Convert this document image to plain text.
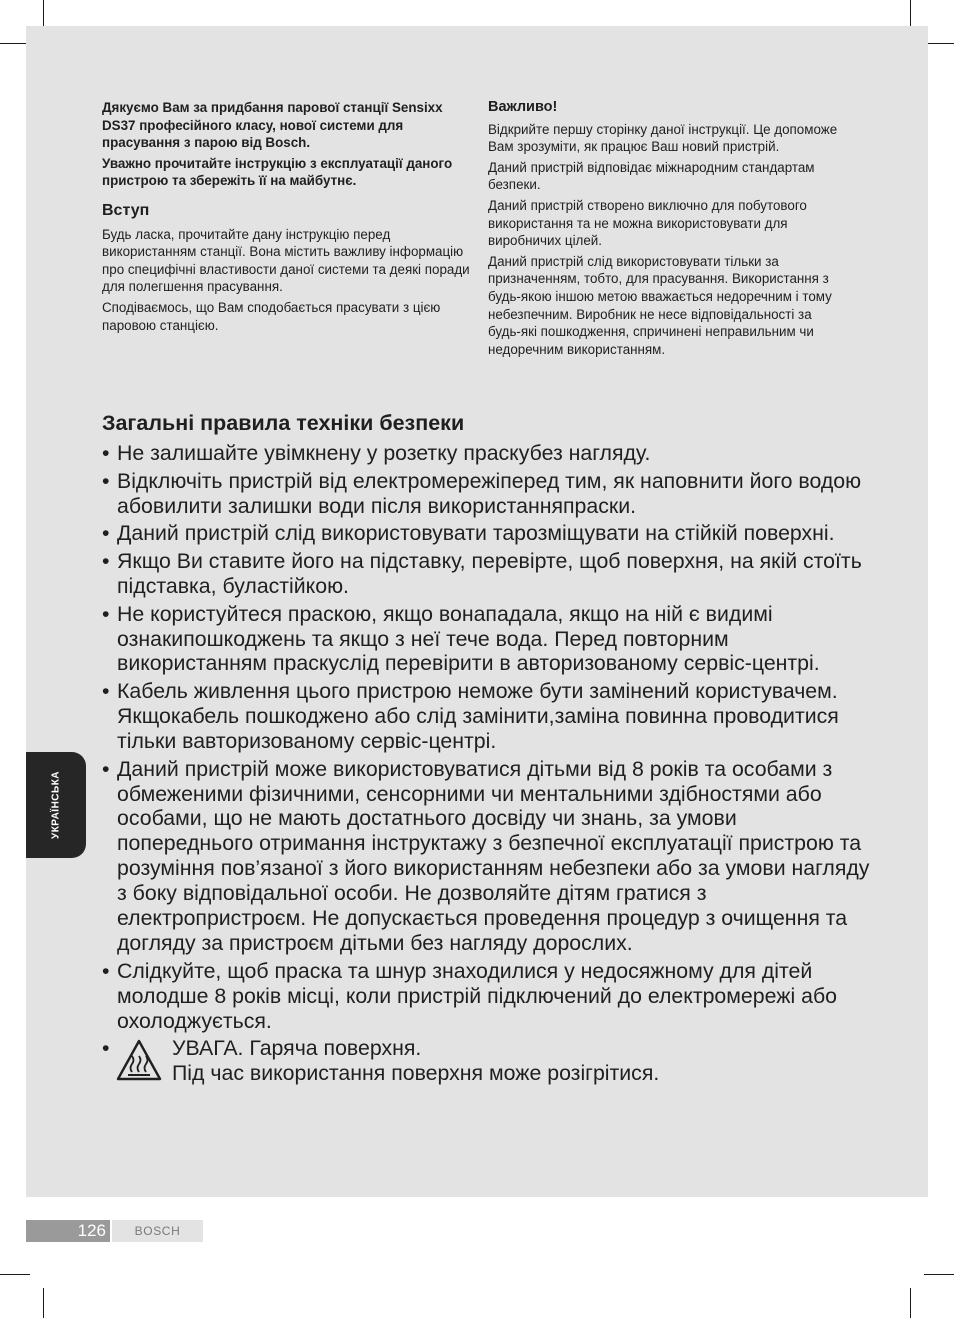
Дякуємо Вам за придбання парової станції Sensixx DS37 професійного класу, нової системи для прасування з парою від Bosch.

Уважно прочитайте інструкцію з експлуатації даного пристрою та збережіть її на майбутнє.

Вступ

Будь ласка, прочитайте дану інструкцію перед використанням станції. Вона містить важливу інформацію про специфічні властивости даної системи та деякі поради для полегшення прасування.

Сподіваємось, що Вам сподобається прасувати з цією паровою станцією.

Важливо!

Відкрийте першу сторінку даної інструкції. Це допоможе Вам зрозуміти, як працює Ваш новий пристрій.

Даний пристрій відповідає міжнародним стандартам безпеки.

Даний пристрій створено виключно для побутового використання та не можна використовувати для виробничих цілей.

Даний пристрій слід використовувати тільки за призначенням, тобто, для прасування. Використання з будь-якою іншою метою вважається недоречним і тому небезпечним. Виробник не несе відповідальності за будь-які пошкодження, спричинені неправильним чи недоречним використанням.

Загальні правила техніки безпеки
• Не залишайте увімкнену у розетку праскубез нагляду.
• Відключіть пристрій від електромережіперед тим, як наповнити його водою абовилити залишки води після використанняпраски.
• Даний пристрій слід використовувати тарозміщувати на стійкій поверхні.
• Якщо Ви ставите його на підставку, перевірте, щоб поверхня, на якій стоїть підставка, буластійкою.
• Не користуйтеся праскою, якщо вонападала, якщо на ній є видимі ознакипошкоджень та якщо з неї тече вода. Перед повторним використанням праскуслід перевірити в авторизованому сервіс-центрі.
• Кабель живлення цього пристрою неможе бути замінений користувачем. Якщокабель пошкоджено або слід замінити,заміна повинна проводитися тільки вавторизованому сервіс-центрі.
• Даний пристрій може використовуватися дітьми від 8 років та особами з обмеженими фізичними, сенсорними чи ментальними здібностями або особами, що не мають достатнього досвіду чи знань, за умови попереднього отримання інструктажу з безпечної експлуатації пристрою та розуміння пов’язаної з його використанням небезпеки або за умови нагляду з боку відповідальної особи. Не дозволяйте дітям гратися з електропристроєм. Не допускається проведення процедур з очищення та догляду за пристроєм дітьми без нагляду дорослих.
• Слідкуйте, щоб праска та шнур знаходилися у недосяжному для дітей молодше 8 років місці, коли пристрій підключений до електромережі або охолоджується.
•	УВАГА. Гаряча поверхня.
Під час використання поверхня може розігрітися.
УКРАЇНСЬКА
126	BOSCH
